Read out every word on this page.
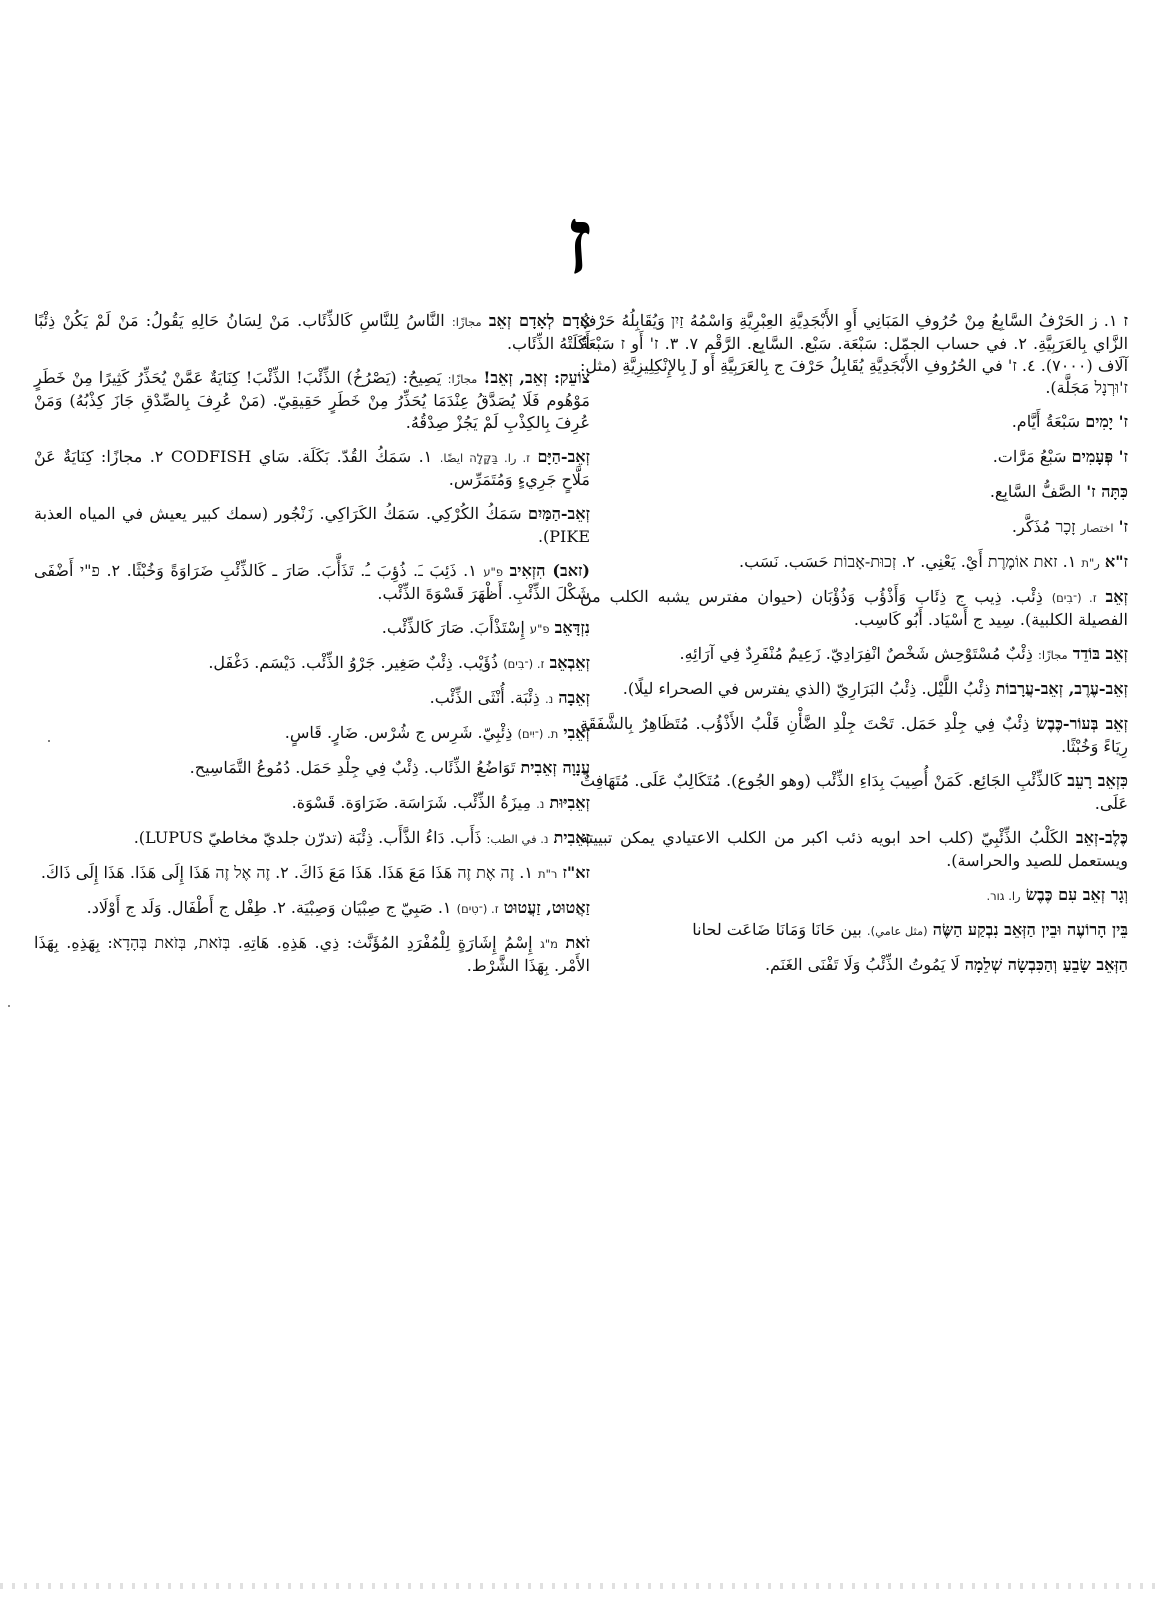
ז

ז ١. ز الحَرْفُ السَّابِعُ مِنْ حُرُوفِ المَبَانِي أَوِ الأَبْجَدِيَّةِ العِبْرِيَّةِ وَاسْمُهُ זַיִן وَيُقَابِلُهُ حَرْفُ الزَّاي بِالعَرَبِيَّةِ. ٢. في حساب الجمّل: سَبْعَة. سَبْع. السَّابِع. الرَّقْم ٧. ٣. ז' أَو ז سَبْعَةُ آلَاف (٧٠٠٠). ٤. ז' في الحُرُوفِ الأَبْجَدِيَّةِ يُقَابِلُ حَرْفَ ج بِالعَرَبِيَّةِ أَو J بِالإِنْكِلِيزِيَّةِ (مثل: ז'וּרְנָל مَجَلَّة).

ז' יָמִים سَبْعَةُ أَيَّام.

ז' פְּעָמִים سَبْعُ مَرَّات.

כִּתָּה ז' الصَّفُّ السَّابِع.

ז' اختصار זָכָר مُذَكَّر.

ז"א ر"ת ١. זאת אוֹמֶרֶת أَيْ. يَعْنِي. ٢. זְכוּת-אָבוֹת حَسَب. نَسَب.

זְאֵב ז. (־בִים) ذِئْب. ذِيب ج ذِئَاب وَأَذْؤُب وَذُؤْبَان (حيوان مفترس يشبه الكلب من الفصيلة الكلبية). سِيد ج أَسْيَاد. أَبُو كَاسِب.

זְאֵב בּוֹדֵד مجازًا: ذِئْبٌ مُسْتَوْحِش شَخْصٌ انْفِرَادِيّ. زَعِيمٌ مُنْفَرِدٌ فِي آرَائِهِ.

זְאֵב-עֶרֶב, זְאֵב-עֲרָבוֹת ذِئْبُ اللَّيْل. ذِئْبُ البَرَارِيّ (الذي يفترس في الصحراء ليلًا).

זְאֵב בְּעוֹר-כֶּבֶשׂ ذِئْبٌ فِي جِلْدِ حَمَل. تَحْتَ جِلْدِ الضَّأْنِ قَلْبُ الأَذْؤُب. مُتَظَاهِرٌ بِالشَّفَقَةِ رِيَاءً وَخُبْثًا.

כִּזְאֵב רָעֵב كَالذِّئْبِ الجَائِع. كَمَنْ أُصِيبَ بِدَاءِ الذِّئْب (وهو الجُوع). مُتَكَالِبٌ عَلَى. مُتَهَافِتٌ عَلَى.

כֶּלֶב-זְאֵב الكَلْبُ الذِّئْبِيّ (كلب احد ابويه ذئب اكبر من الكلب الاعتيادي يمكن تبييته ويستعمل للصيد والحراسة).

וְגָר זְאֵב עִם כֶּבֶשׂ را. גור.

בֵּין הָרוֹעֶה וּבֵין הַזְּאֵב נִבְקַע הַשֶּׂה (مثل عامي). بين حَانَا وَمَانَا ضَاعَت لحانا

הַזְּאֵב שָׂבֵעַ וְהַכִּבְשָׂה שְׁלֵמָה لَا يَمُوتُ الذِّئْبُ وَلَا تَفْنَى الغَنَم.

אָדָם לְאָדָם זְאֵב مجازًا: النَّاسُ لِلنَّاسِ كَالذِّئَاب. مَنْ لِسَانُ حَالِهِ يَقُولُ: مَنْ لَمْ يَكُنْ ذِئْبًا أَكَلَتْهُ الذِّئَاب.

צוֹעֵק: זְאֵב, זְאֵב! مجازًا: يَصِيحُ: (يَصْرُخُ) الذِّئْبَ! الذِّئْبَ! كِنَايَةٌ عَمَّنْ يُحَذِّرُ كَثِيرًا مِنْ خَطَرٍ مَوْهُوم فَلَا يُصَدَّقُ عِنْدَمَا يُحَذِّرُ مِنْ خَطَرٍ حَقِيقِيّ. (مَنْ عُرِفَ بِالصِّدْقِ جَازَ كِذْبُهُ) وَمَنْ عُرِفَ بِالكِذْبِ لَمْ يَجُزْ صِدْقُهُ.

זְאֵב-הַיָּם ז. را. בַּקָּלָה ايضًا. ١. سَمَكُ القُدّ. بَكَلَة. سَاي CODFISH ٢. مجازًا: كِنَايَةٌ عَنْ مَلَّاحٍ جَرِيءٍ وَمُتَمَرِّس.

זְאֵב-הַמַּיִם سَمَكُ الكُرْكِي. سَمَكُ الكَرَاكِي. زَنْجُور (سمك كبير يعيش في المياه العذبة PIKE).

(זאב) הִזְאִיב פ"ע ١. ذَئِبَ ـَ. ذُؤِبَ ـُ. تَذَأَّبَ. صَارَ ـ كَالذِّئْبِ ضَرَاوَةً وَخُبْثًا. ٢. פ"י أَضْفَى شَكْلَ الذِّئْبِ. أَظْهَرَ قَسْوَةَ الذِّئْب.

נִזְדָּאֵב פ"ע إِسْتَذْأَبَ. صَارَ كَالذِّئْب.

זְאֵבְאֵב ז. (־בִים) ذُؤَيْب. ذِئْبٌ صَغِير. جَرْوُ الذِّئْب. دَيْسَم. دَغْفَل.

זְאֵבָה נ. ذِئْبَة. أُنْثَى الذِّئْب.

זְאֵבִי ת. (־יִים) ذِئْبِيّ. شَرِس ج شُرْس. ضَارٍ. قَاسٍ.

עֲנָוָה זְאֵבִית تَوَاضُعُ الذِّئَاب. ذِئْبٌ فِي جِلْدِ حَمَل. دُمُوعُ التَّمَاسِيح.

זְאֵבִיּוּת נ. مِيزَةُ الذِّئْب. شَرَاسَة. ضَرَاوَة. قَسْوَة.

זְאֵבִית נ. في الطب: ذَأَب. دَاءُ الذَّأَب. ذِئْبَة (تدرّن جلديّ مخاطيّ LUPUS).

זא"ז ר"ת ١. זֶה אֶת זֶה هَذَا مَعَ هَذَا. هَذَا مَعَ ذَاكَ. ٢. זֶה אֶל זֶה هَذَا إِلَى هَذَا. هَذَا إِلَى ذَاكَ.

זַאֲטוּט, זַעֲטוּט ז. (־טִים) ١. صَبِيّ ج صِبْيَان وَصِبْيَة. ٢. طِفْل ج أَطْفَال. وَلَد ج أَوْلَاد.

זֹאת מ"ג إِسْمُ إِشَارَةٍ لِلْمُفْرَدِ المُؤَنَّث: ذِي. هَذِهِ. هَاتِهِ. בְּזֹאת, בְּזֹאת בְּהָדָא: بِهَذِهِ. بِهَذَا الأَمْر. بِهَذَا الشَّرْط.
